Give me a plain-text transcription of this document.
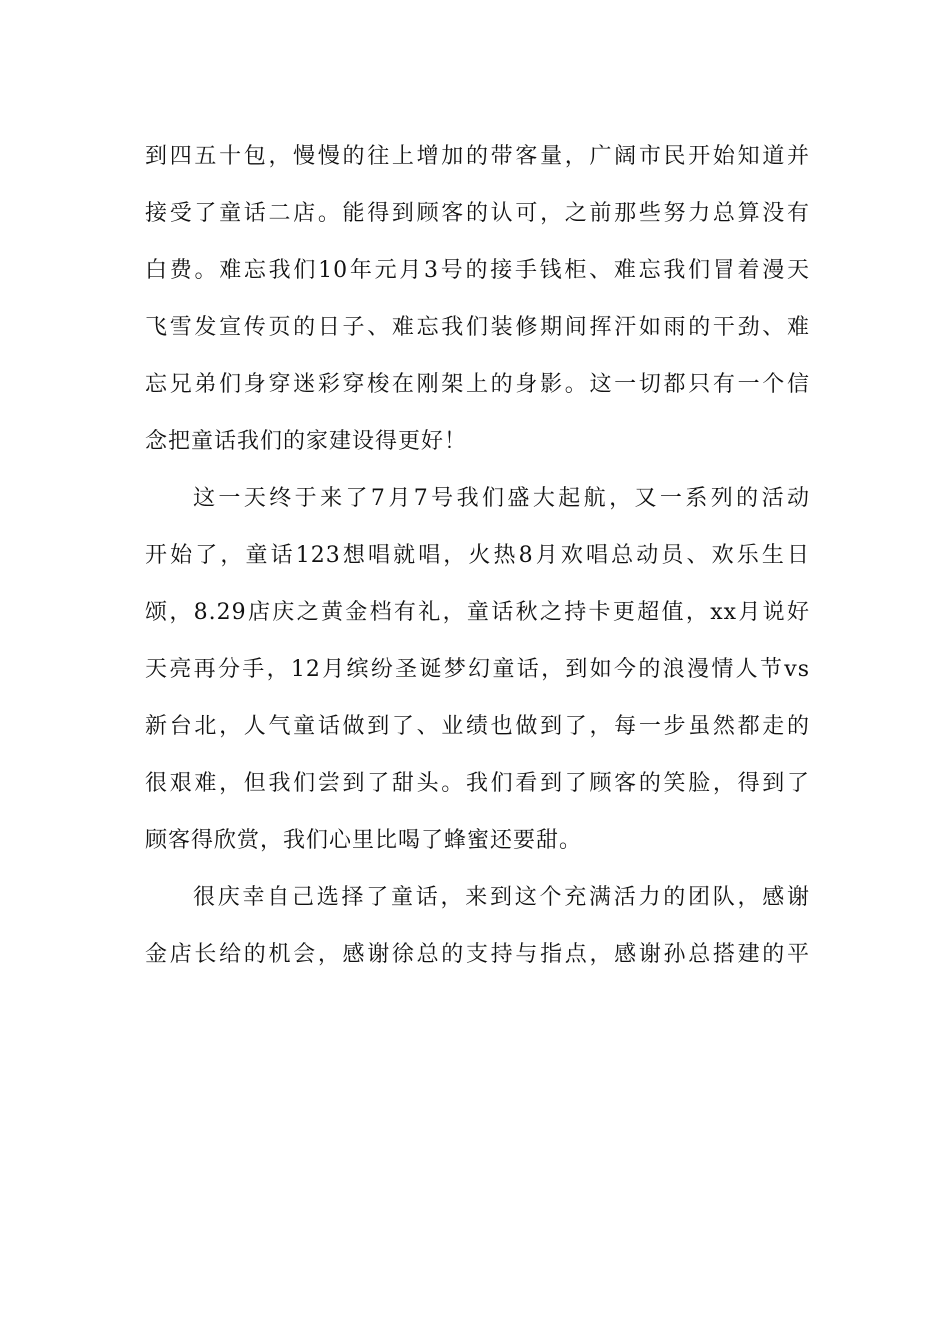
到四五十包，慢慢的往上增加的带客量，广阔市民开始知道并
接受了童话二店。能得到顾客的认可，之前那些努力总算没有
白费。难忘我们10年元月3号的接手钱柜、难忘我们冒着漫天
飞雪发宣传页的日子、难忘我们装修期间挥汗如雨的干劲、难
忘兄弟们身穿迷彩穿梭在刚架上的身影。这一切都只有一个信
念把童话我们的家建设得更好！
这一天终于来了7月7号我们盛大起航，又一系列的活动
开始了，童话123想唱就唱，火热8月欢唱总动员、欢乐生日
颂，8.29店庆之黄金档有礼，童话秋之持卡更超值，xx月说好
天亮再分手，12月缤纷圣诞梦幻童话，到如今的浪漫情人节vs
新台北，人气童话做到了、业绩也做到了，每一步虽然都走的
很艰难，但我们尝到了甜头。我们看到了顾客的笑脸，得到了
顾客得欣赏，我们心里比喝了蜂蜜还要甜。
很庆幸自己选择了童话，来到这个充满活力的团队，感谢
金店长给的机会，感谢徐总的支持与指点，感谢孙总搭建的平
